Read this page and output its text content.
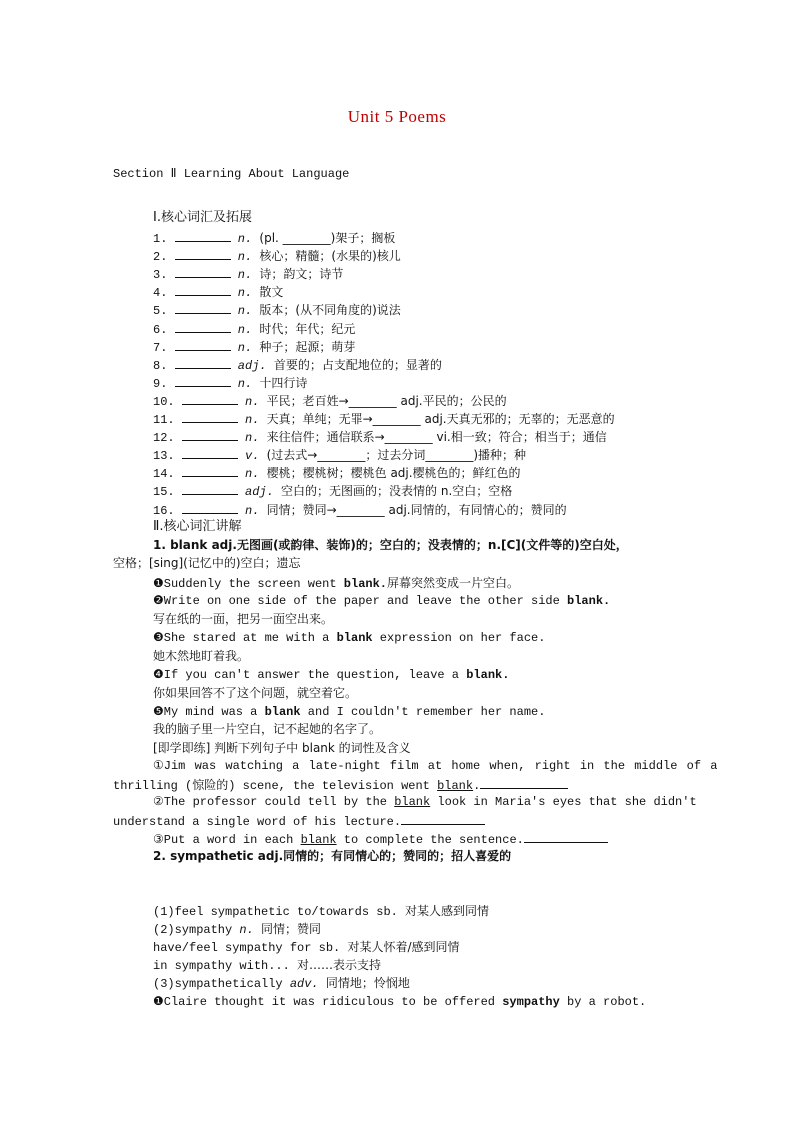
Unit 5 Poems
Section Ⅱ Learning About Language
Ⅰ.核心词汇及拓展
1.	n. (pl. ________)架子；搁板
2.	n. 核心；精髓；(水果的)核儿
3.	n. 诗；韵文；诗节
4.	n. 散文
5.	n. 版本；(从不同角度的)说法
6.	n. 时代；年代；纪元
7.	n. 种子；起源；萌芽
8.	adj. 首要的；占支配地位的；显著的
9.	n. 十四行诗
10.	n. 平民；老百姓→________ adj.平民的；公民的
11.	n. 天真；单纯；无罪→________ adj.天真无邪的；无辜的；无恶意的
12.	n. 来往信件；通信联系→________ vi.相一致；符合；相当于；通信
13.	v. (过去式→________；过去分词________)播种；种
14.	n. 樱桃；樱桃树；樱桃色 adj.樱桃色的；鲜红色的
15.	adj. 空白的；无图画的；没表情的 n.空白；空格
16.	n. 同情；赞同→________ adj.同情的，有同情心的；赞同的
Ⅱ.核心词汇讲解
1. blank adj.无图画(或韵律、装饰)的；空白的；没表情的；n.[C](文件等的)空白处，
空格；[sing](记忆中的)空白；遗忘
❶Suddenly the screen went blank.屏幕突然变成一片空白。
❷Write on one side of the paper and leave the other side blank.
写在纸的一面，把另一面空出来。
❸She stared at me with a blank expression on her face.
她木然地盯着我。
❹If you can't answer the question, leave a blank.
你如果回答不了这个问题，就空着它。
❺My mind was a blank and I couldn't remember her name.
我的脑子里一片空白，记不起她的名字了。
[即学即练] 判断下列句子中 blank 的词性及含义
①Jim was watching a late-night film at home when, right in the middle of a
thrilling (惊险的) scene, the television went blank.
②The professor could tell by the blank look in Maria's eyes that she didn't
understand a single word of his lecture.
③Put a word in each blank to complete the sentence.
2. sympathetic adj.同情的；有同情心的；赞同的；招人喜爱的
(1)feel sympathetic to/towards sb. 对某人感到同情
(2)sympathy n. 同情；赞同
have/feel sympathy for sb. 对某人怀着/感到同情
in sympathy with... 对……表示支持
(3)sympathetically adv. 同情地；怜悯地
❶Claire thought it was ridiculous to be offered sympathy by a robot.
